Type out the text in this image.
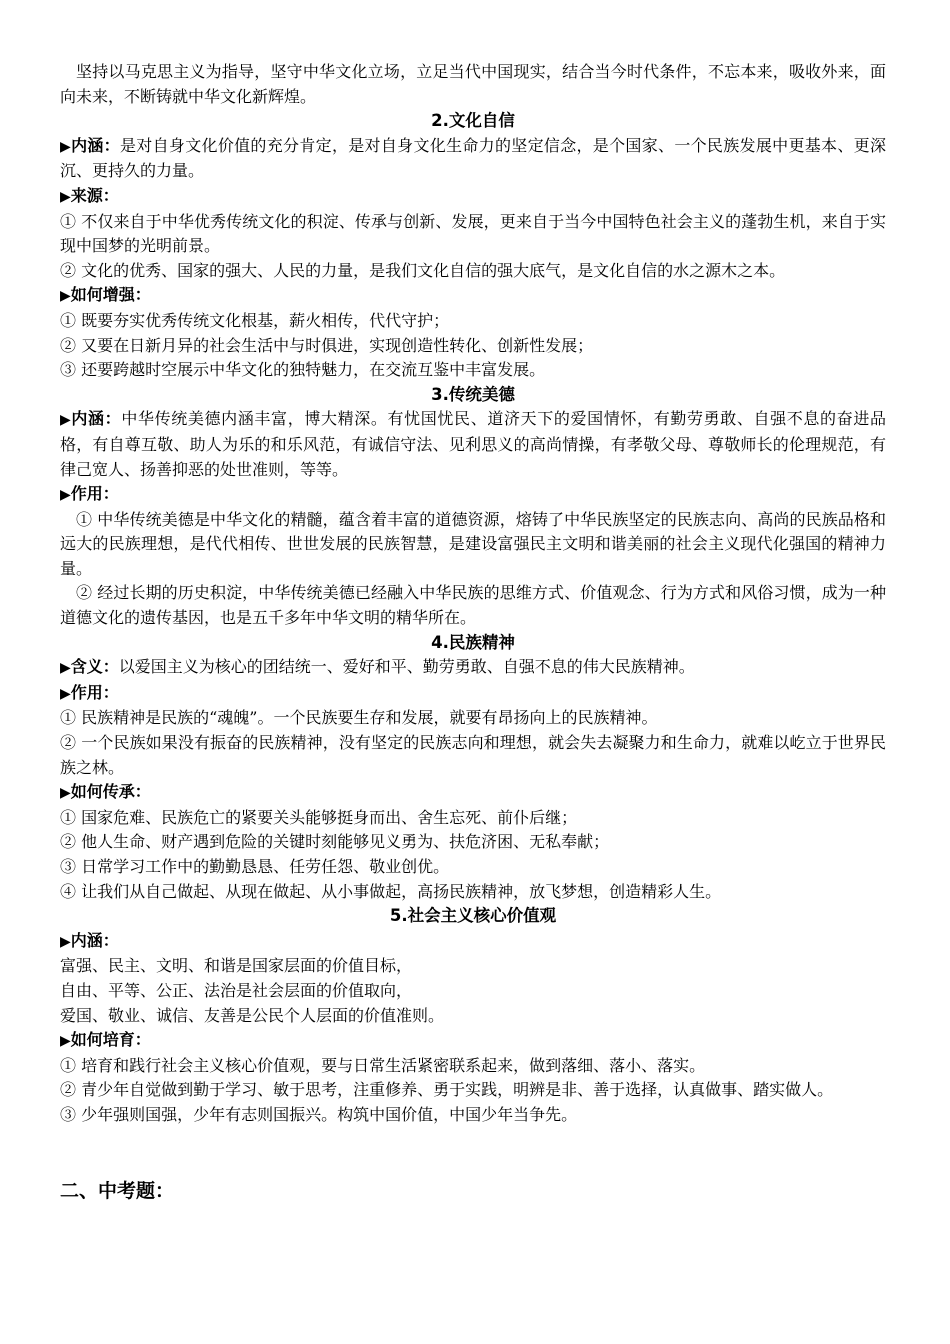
坚持以马克思主义为指导，坚守中华文化立场，立足当代中国现实，结合当今时代条件，不忘本来，吸收外来，面向未来，不断铸就中华文化新辉煌。

2.文化自信

▶内涵：是对自身文化价值的充分肯定，是对自身文化生命力的坚定信念，是个国家、一个民族发展中更基本、更深沉、更持久的力量。

▶来源：

① 不仅来自于中华优秀传统文化的积淀、传承与创新、发展，更来自于当今中国特色社会主义的蓬勃生机，来自于实现中国梦的光明前景。

② 文化的优秀、国家的强大、人民的力量，是我们文化自信的强大底气，是文化自信的水之源木之本。

▶如何增强：

① 既要夯实优秀传统文化根基，薪火相传，代代守护；

② 又要在日新月异的社会生活中与时俱进，实现创造性转化、创新性发展；

③ 还要跨越时空展示中华文化的独特魅力，在交流互鉴中丰富发展。

3.传统美德

▶内涵：中华传统美德内涵丰富，博大精深。有忧国忧民、道济天下的爱国情怀，有勤劳勇敢、自强不息的奋进品格，有自尊互敬、助人为乐的和乐风范，有诚信守法、见利思义的高尚情操，有孝敬父母、尊敬师长的伦理规范，有律己宽人、扬善抑恶的处世准则，等等。

▶作用：

① 中华传统美德是中华文化的精髓，蕴含着丰富的道德资源，熔铸了中华民族坚定的民族志向、高尚的民族品格和远大的民族理想，是代代相传、世世发展的民族智慧，是建设富强民主文明和谐美丽的社会主义现代化强国的精神力量。

② 经过长期的历史积淀，中华传统美德已经融入中华民族的思维方式、价值观念、行为方式和风俗习惯，成为一种道德文化的遗传基因，也是五千多年中华文明的精华所在。

4.民族精神

▶含义：以爱国主义为核心的团结统一、爱好和平、勤劳勇敢、自强不息的伟大民族精神。

▶作用：

① 民族精神是民族的“魂魄”。一个民族要生存和发展，就要有昂扬向上的民族精神。

② 一个民族如果没有振奋的民族精神，没有坚定的民族志向和理想，就会失去凝聚力和生命力，就难以屹立于世界民族之林。

▶如何传承：

① 国家危难、民族危亡的紧要关头能够挺身而出、舍生忘死、前仆后继；

② 他人生命、财产遇到危险的关键时刻能够见义勇为、扶危济困、无私奉献；

③ 日常学习工作中的勤勤恳恳、任劳任怨、敬业创优。

④ 让我们从自己做起、从现在做起、从小事做起，高扬民族精神，放飞梦想，创造精彩人生。

5.社会主义核心价值观

▶内涵：

富强、民主、文明、和谐是国家层面的价值目标，

自由、平等、公正、法治是社会层面的价值取向，

爱国、敬业、诚信、友善是公民个人层面的价值准则。

▶如何培育：

① 培育和践行社会主义核心价值观，要与日常生活紧密联系起来，做到落细、落小、落实。

② 青少年自觉做到勤于学习、敏于思考，注重修养、勇于实践，明辨是非、善于选择，认真做事、踏实做人。

③ 少年强则国强，少年有志则国振兴。构筑中国价值，中国少年当争先。

二、中考题：
